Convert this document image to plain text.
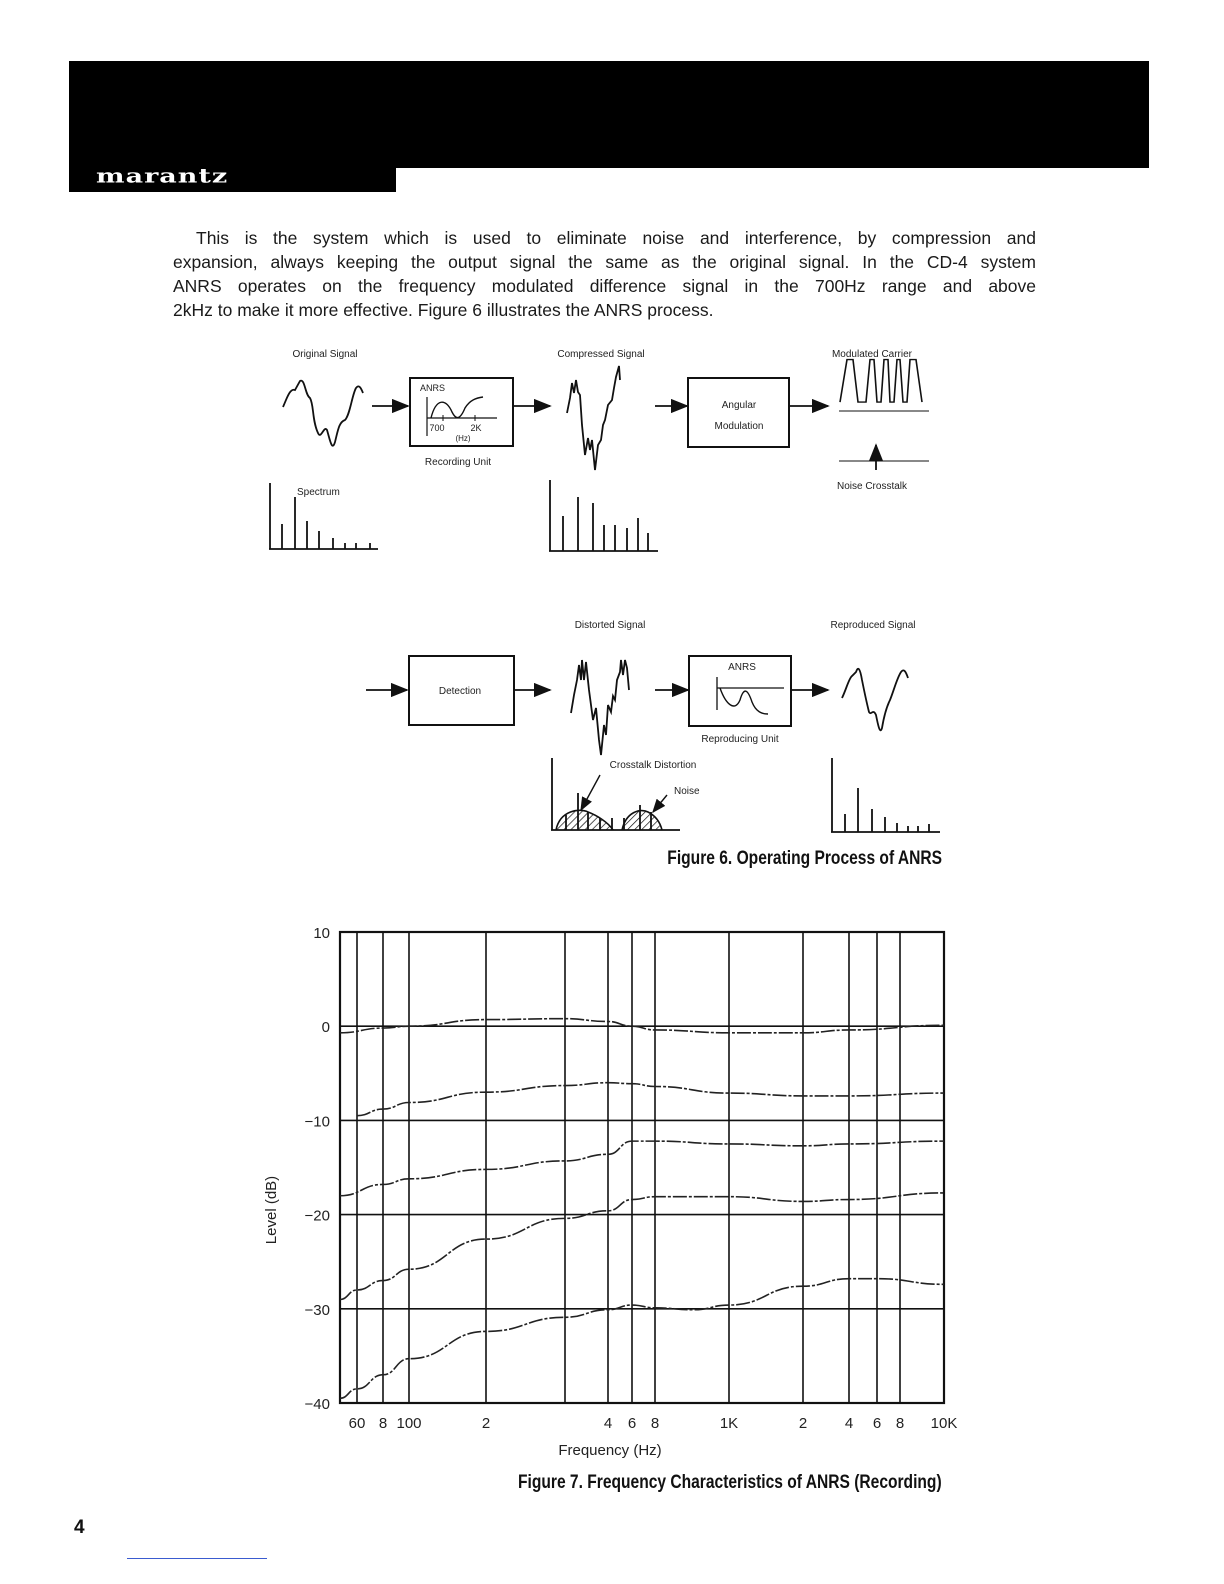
marantz
This is the system which is used to eliminate noise and interference, by compression and
expansion, always keeping the output signal the same as the original signal. In the CD-4 system
ANRS operates on the frequency modulated difference signal in the 700Hz range and above
2kHz to make it more effective. Figure 6 illustrates the ANRS process.
Original Signal	Compressed Signal	Modulated Carrier
ANRS
700	2K
(Hz)
Recording Unit
Angular
Modulation
Noise Crosstalk
Spectrum
Distorted Signal	Reproduced Signal
Detection
ANRS
Reproducing Unit
Crosstalk Distortion
Noise
Figure 6. Operating Process of ANRS
10
0
−10
−20
−30
−40
60 8 100	2	4 6 8	1K	2	4 6 8 10K
Frequency (Hz)
Level (dB)
Figure 7. Frequency Characteristics of ANRS (Recording)
4
